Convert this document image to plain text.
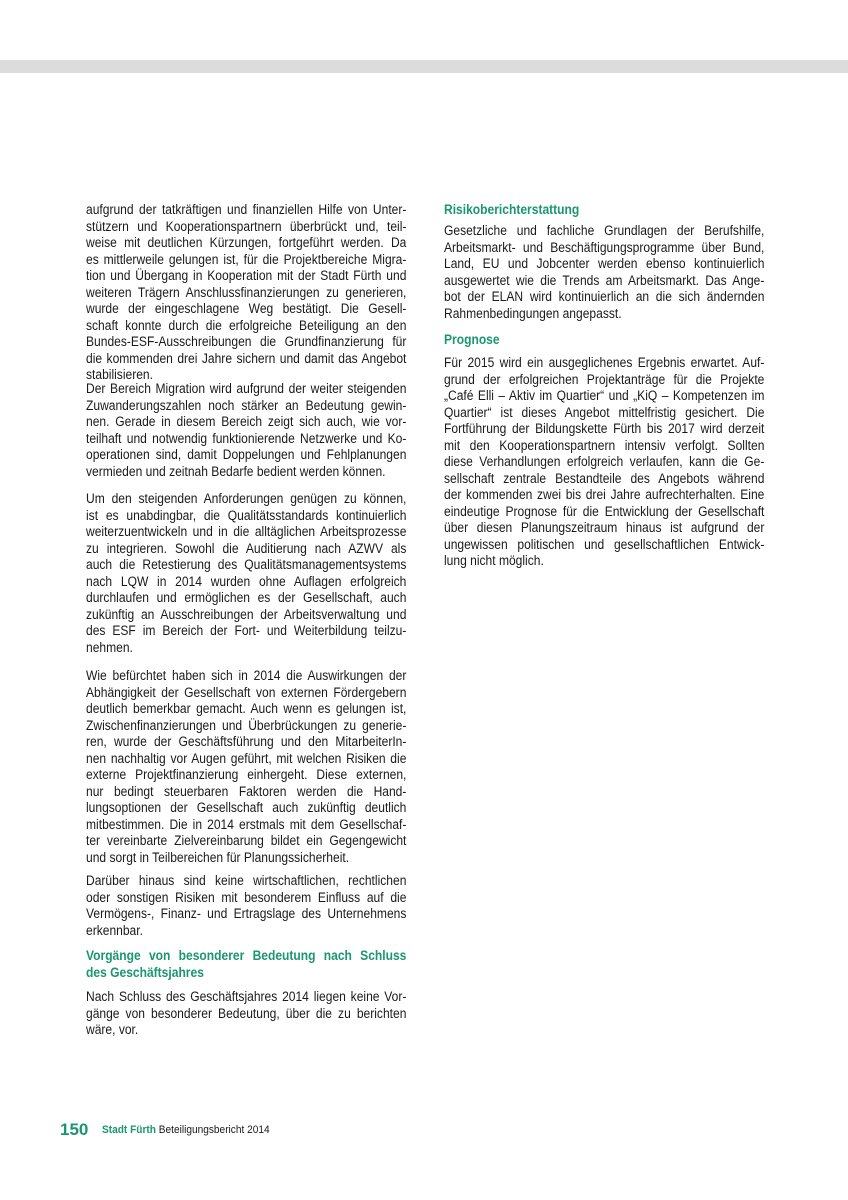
aufgrund der tatkräftigen und finanziellen Hilfe von Unter-
stützern und Kooperationspartnern überbrückt und, teil-
weise mit deutlichen Kürzungen, fortgeführt werden. Da
es mittlerweile gelungen ist, für die Projektbereiche Migra-
tion und Übergang in Kooperation mit der Stadt Fürth und
weiteren Trägern Anschlussfinanzierungen zu generieren,
wurde der eingeschlagene Weg bestätigt. Die Gesell-
schaft konnte durch die erfolgreiche Beteiligung an den
Bundes-ESF-Ausschreibungen die Grundfinanzierung für
die kommenden drei Jahre sichern und damit das Angebot
stabilisieren.
Der Bereich Migration wird aufgrund der weiter steigenden
Zuwanderungszahlen noch stärker an Bedeutung gewin-
nen. Gerade in diesem Bereich zeigt sich auch, wie vor-
teilhaft und notwendig funktionierende Netzwerke und Ko-
operationen sind, damit Doppelungen und Fehlplanungen
vermieden und zeitnah Bedarfe bedient werden können.
Um den steigenden Anforderungen genügen zu können,
ist es unabdingbar, die Qualitätsstandards kontinuierlich
weiterzuentwickeln und in die alltäglichen Arbeitsprozesse
zu integrieren. Sowohl die Auditierung nach AZWV als
auch die Retestierung des Qualitätsmanagementsystems
nach LQW in 2014 wurden ohne Auflagen erfolgreich
durchlaufen und ermöglichen es der Gesellschaft, auch
zukünftig an Ausschreibungen der Arbeitsverwaltung und
des ESF im Bereich der Fort- und Weiterbildung teilzu-
nehmen.
Wie befürchtet haben sich in 2014 die Auswirkungen der
Abhängigkeit der Gesellschaft von externen Fördergebern
deutlich bemerkbar gemacht. Auch wenn es gelungen ist,
Zwischenfinanzierungen und Überbrückungen zu generie-
ren, wurde der Geschäftsführung und den MitarbeiterIn-
nen nachhaltig vor Augen geführt, mit welchen Risiken die
externe Projektfinanzierung einhergeht. Diese externen,
nur bedingt steuerbaren Faktoren werden die Hand-
lungsoptionen der Gesellschaft auch zukünftig deutlich
mitbestimmen. Die in 2014 erstmals mit dem Gesellschaf-
ter vereinbarte Zielvereinbarung bildet ein Gegengewicht
und sorgt in Teilbereichen für Planungssicherheit.
Darüber hinaus sind keine wirtschaftlichen, rechtlichen
oder sonstigen Risiken mit besonderem Einfluss auf die
Vermögens-, Finanz- und Ertragslage des Unternehmens
erkennbar.
Vorgänge von besonderer Bedeutung nach Schluss
des Geschäftsjahres
Nach Schluss des Geschäftsjahres 2014 liegen keine Vor-
gänge von besonderer Bedeutung, über die zu berichten
wäre, vor.
Risikoberichterstattung
Gesetzliche und fachliche Grundlagen der Berufshilfe,
Arbeitsmarkt- und Beschäftigungsprogramme über Bund,
Land, EU und Jobcenter werden ebenso kontinuierlich
ausgewertet wie die Trends am Arbeitsmarkt. Das Ange-
bot der ELAN wird kontinuierlich an die sich ändernden
Rahmenbedingungen angepasst.
Prognose
Für 2015 wird ein ausgeglichenes Ergebnis erwartet. Auf-
grund der erfolgreichen Projektanträge für die Projekte
„Café Elli – Aktiv im Quartier“ und „KiQ – Kompetenzen im
Quartier“ ist dieses Angebot mittelfristig gesichert. Die
Fortführung der Bildungskette Fürth bis 2017 wird derzeit
mit den Kooperationspartnern intensiv verfolgt. Sollten
diese Verhandlungen erfolgreich verlaufen, kann die Ge-
sellschaft zentrale Bestandteile des Angebots während
der kommenden zwei bis drei Jahre aufrechterhalten. Eine
eindeutige Prognose für die Entwicklung der Gesellschaft
über diesen Planungszeitraum hinaus ist aufgrund der
ungewissen politischen und gesellschaftlichen Entwick-
lung nicht möglich.
150 Stadt Fürth Beteiligungsbericht 2014
